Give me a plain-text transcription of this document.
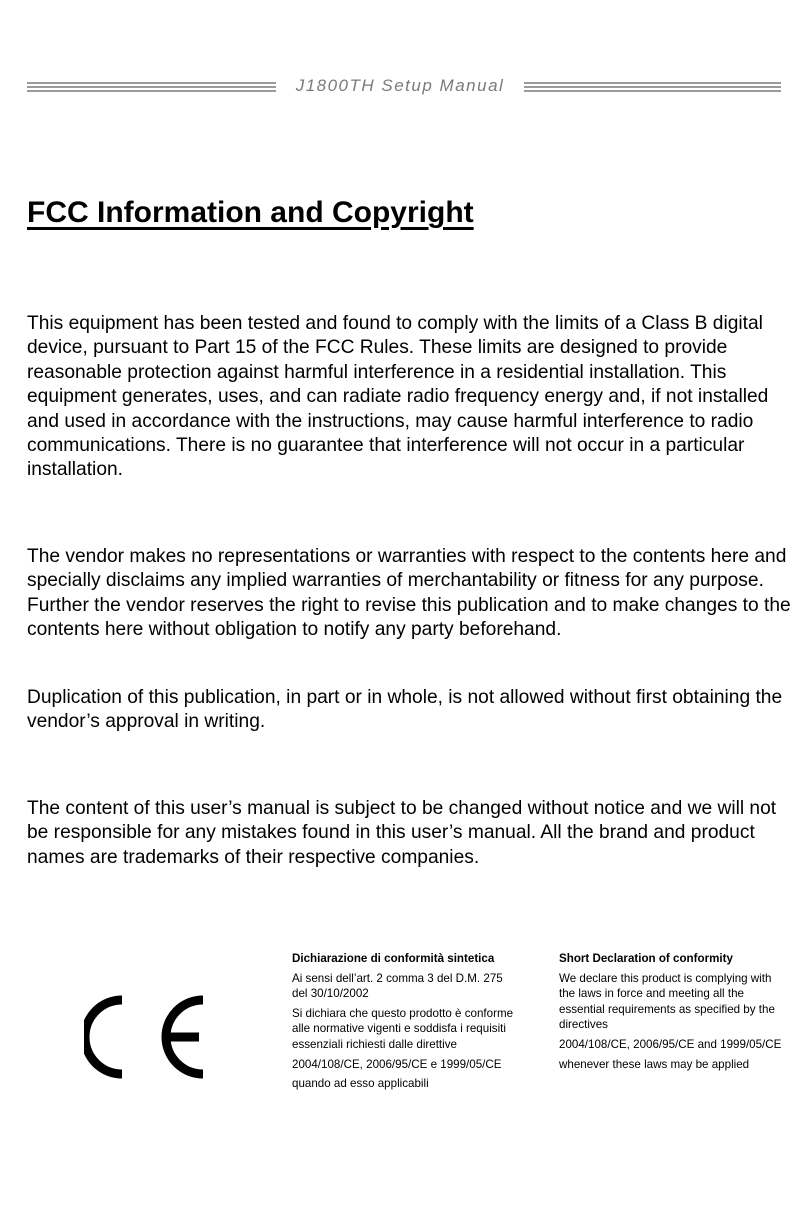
J1800TH Setup Manual
FCC Information and Copyright

This equipment has been tested and found to comply with the limits of a Class B digital device, pursuant to Part 15 of the FCC Rules. These limits are designed to provide reasonable protection against harmful interference in a residential installation. This equipment generates, uses, and can radiate radio frequency energy and, if not installed and used in accordance with the instructions, may cause harmful interference to radio communications. There is no guarantee that interference will not occur in a particular installation.

The vendor makes no representations or warranties with respect to the contents here and specially disclaims any implied warranties of merchantability or fitness for any purpose. Further the vendor reserves the right to revise this publication and to make changes to the contents here without obligation to notify any party beforehand.

Duplication of this publication, in part or in whole, is not allowed without first obtaining the vendor’s approval in writing.

The content of this user’s manual is subject to be changed without notice and we will not be responsible for any mistakes found in this user’s manual. All the brand and product names are trademarks of their respective companies.

Dichiarazione di conformità sintetica

Ai sensi dell’art. 2 comma 3 del D.M. 275 del 30/10/2002

Si dichiara che questo prodotto è conforme alle normative vigenti e soddisfa i requisiti essenziali richiesti dalle direttive

2004/108/CE, 2006/95/CE e 1999/05/CE

quando ad esso applicabili

Short Declaration of conformity

We declare this product is complying with the laws in force and meeting all the essential requirements as specified by the directives

2004/108/CE, 2006/95/CE and 1999/05/CE

whenever these laws may be applied
